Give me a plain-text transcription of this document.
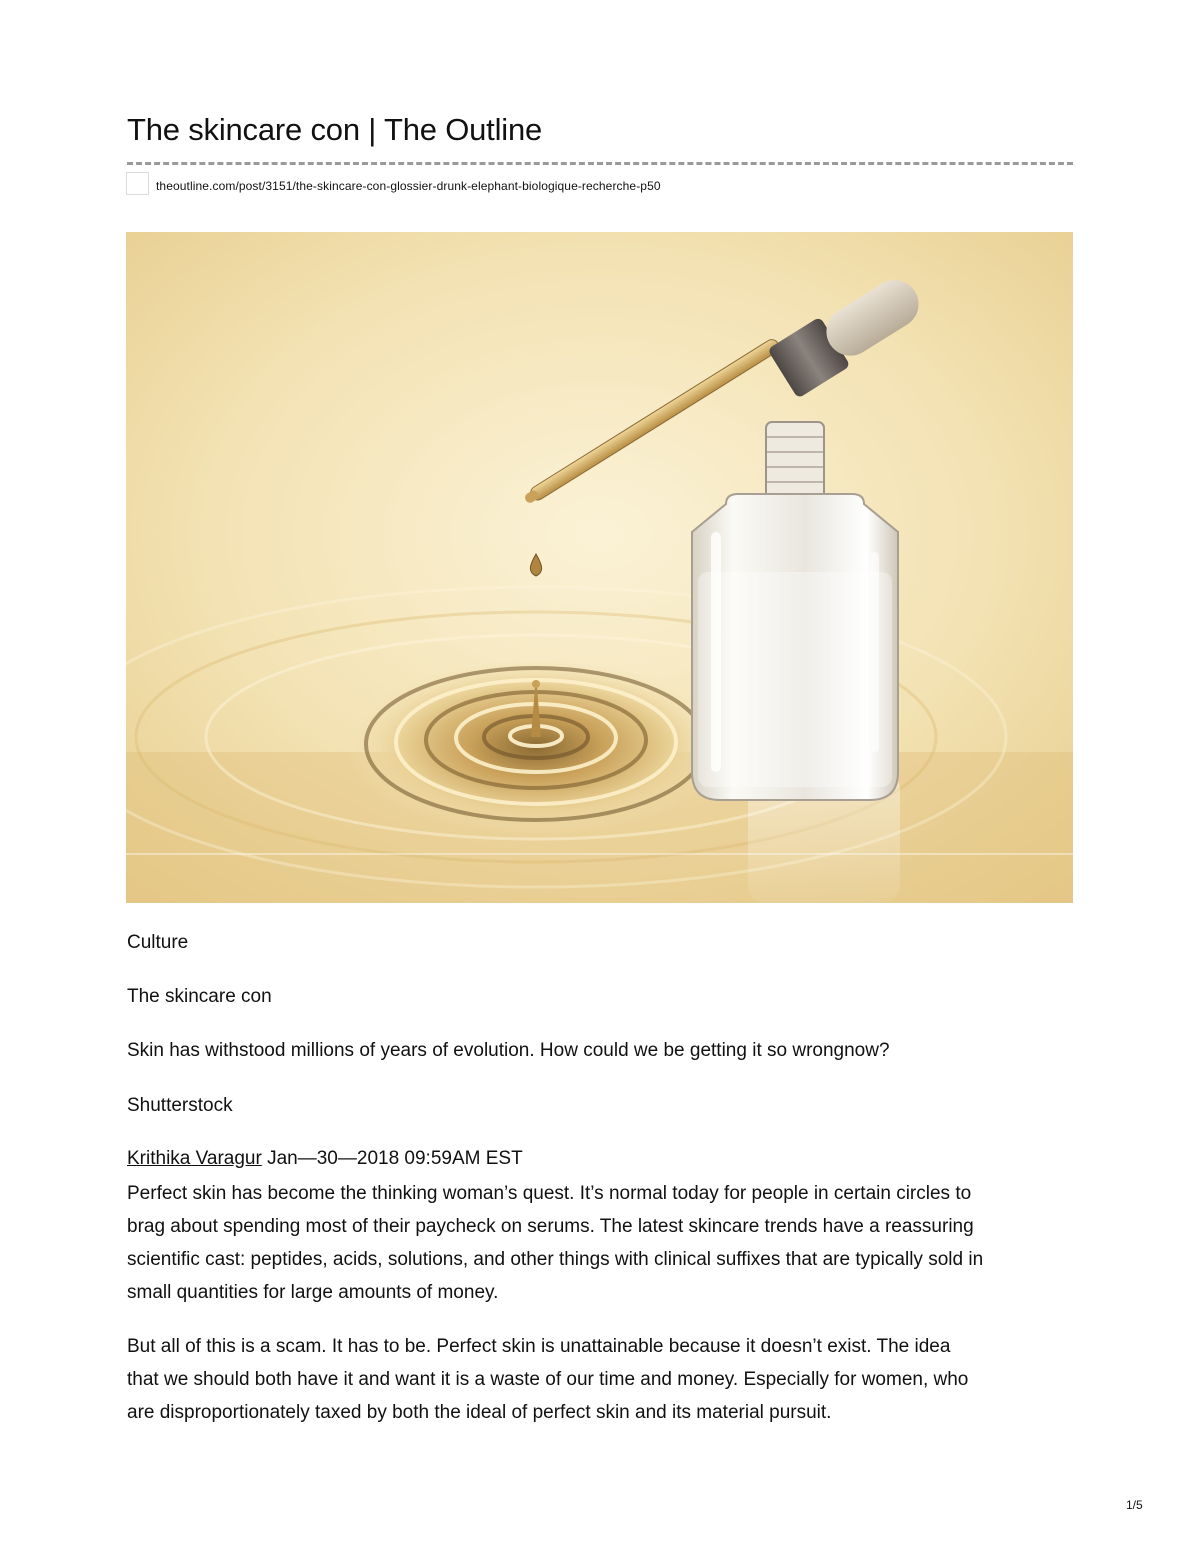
The skincare con | The Outline
theoutline.com/post/3151/the-skincare-con-glossier-drunk-elephant-biologique-recherche-p50

Culture

The skincare con

Skin has withstood millions of years of evolution. How could we be getting it so wrongnow?

Shutterstock

Krithika Varagur Jan—30—2018 09:59AM EST

Perfect skin has become the thinking woman’s quest. It’s normal today for people in certain circles to brag about spending most of their paycheck on serums. The latest skincare trends have a reassuring scientific cast: peptides, acids, solutions, and other things with clinical suffixes that are typically sold in small quantities for large amounts of money.

But all of this is a scam. It has to be. Perfect skin is unattainable because it doesn’t exist. The idea that we should both have it and want it is a waste of our time and money. Especially for women, who are disproportionately taxed by both the ideal of perfect skin and its material pursuit.

1/5
